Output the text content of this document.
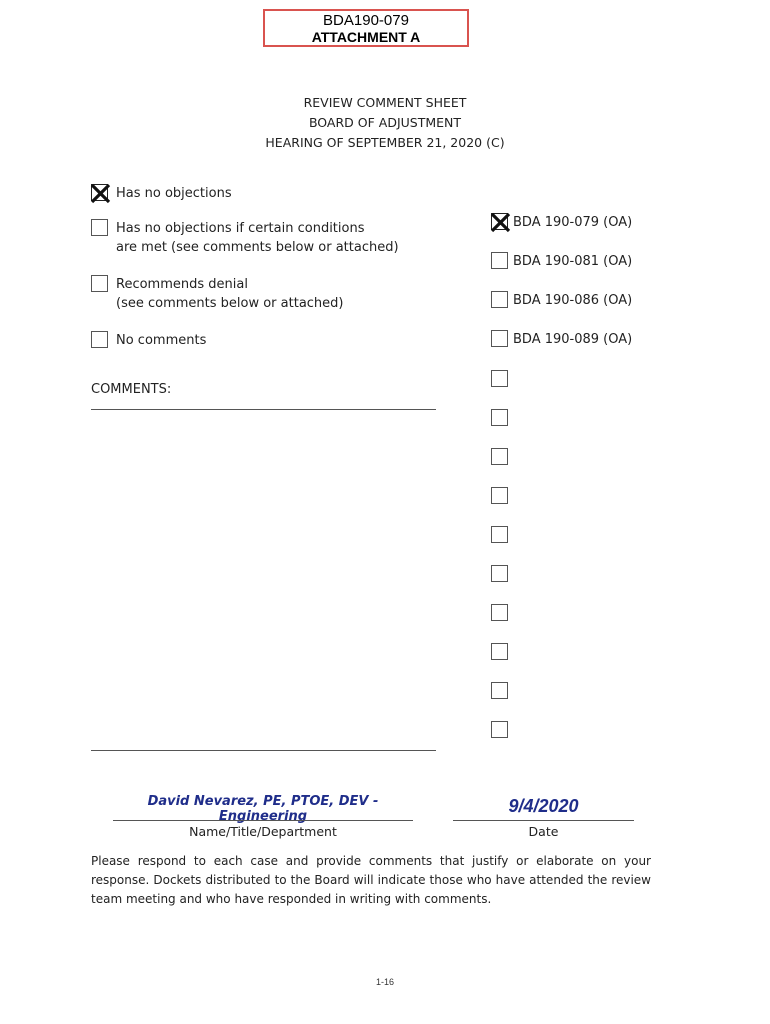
BDA190-079
ATTACHMENT A
REVIEW COMMENT SHEET
BOARD OF ADJUSTMENT
HEARING OF SEPTEMBER 21, 2020 (C)
Has no objections
Has no objections if certain conditions
are met (see comments below or attached)
Recommends denial
(see comments below or attached)
No comments
COMMENTS:
BDA 190-079 (OA)
BDA 190-081 (OA)
BDA 190-086 (OA)
BDA 190-089 (OA)
David Nevarez, PE, PTOE, DEV - Engineering
Name/Title/Department
9/4/2020
Date
Please respond to each case and provide comments that justify or elaborate on your response. Dockets distributed to the Board will indicate those who have attended the review team meeting and who have responded in writing with comments.
1-16
